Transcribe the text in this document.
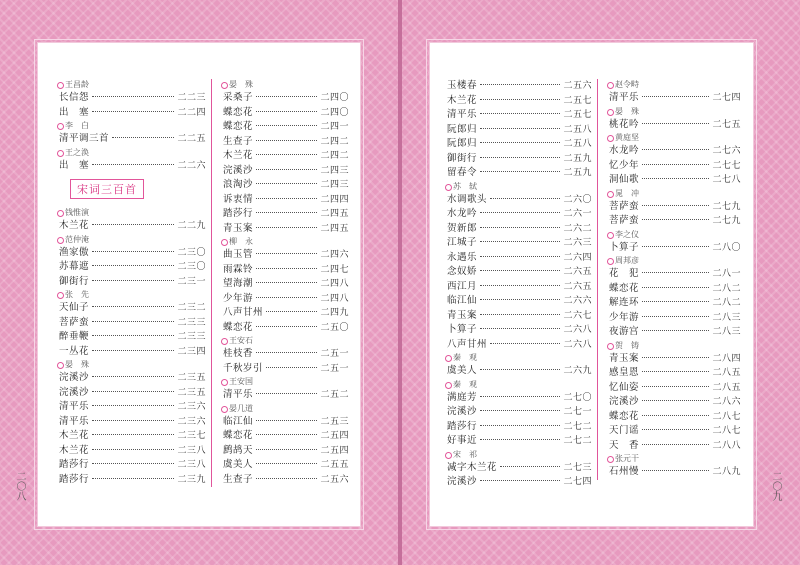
王昌龄
长信怨	二二三
出　塞	二二四
李　白
清平调三首	二二五
王之涣
出　塞	二二六
宋词三百首
钱惟演
木兰花	二二九
范仲淹
渔家傲	二三〇
苏幕遮	二三〇
御街行	二三一
张　先
天仙子	二三二
菩萨蛮	二三三
醉垂鞭	二三三
一丛花	二三四
晏　殊
浣溪沙	二三五
浣溪沙	二三五
清平乐	二三六
清平乐	二三六
木兰花	二三七
木兰花	二三八
踏莎行	二三八
踏莎行	二三九
晏　殊
采桑子	二四〇
蝶恋花	二四〇
蝶恋花	二四一
生查子	二四二
木兰花	二四二
浣溪沙	二四三
浪淘沙	二四三
诉衷情	二四四
踏莎行	二四五
青玉案	二四五
柳　永
曲玉管	二四六
雨霖铃	二四七
望海潮	二四八
少年游	二四八
八声甘州	二四九
蝶恋花	二五〇
王安石
桂枝香	二五一
千秋岁引	二五一
王安国
清平乐	二五二
晏几道
临江仙	二五三
蝶恋花	二五四
鹧鸪天	二五四
虞美人	二五五
生查子	二五六
玉楼春	二五六
木兰花	二五七
清平乐	二五七
阮郎归	二五八
阮郎归	二五八
御街行	二五九
留春令	二五九
苏　轼
水调歌头	二六〇
水龙吟	二六一
贺新郎	二六二
江城子	二六三
永遇乐	二六四
念奴娇	二六五
西江月	二六五
临江仙	二六六
青玉案	二六七
卜算子	二六八
八声甘州	二六八
秦　观
虞美人	二六九
秦　观
满庭芳	二七〇
浣溪沙	二七一
踏莎行	二七二
好事近	二七二
宋　祁
减字木兰花	二七三
浣溪沙	二七四
赵令畤
清平乐	二七四
晏　殊
桃花吟	二七五
黄庭坚
水龙吟	二七六
忆少年	二七七
洞仙歌	二七八
晁　冲
菩萨蛮	二七九
菩萨蛮	二七九
李之仪
卜算子	二八〇
周邦彦
花　犯	二八一
蝶恋花	二八二
解连环	二八二
少年游	二八三
夜游宫	二八三
贺　铸
青玉案	二八四
感皇恩	二八五
忆仙姿	二八五
浣溪沙	二八六
蝶恋花	二八七
天门谣	二八七
天　香	二八八
张元干
石州慢	二八九
二〇八	二〇九
